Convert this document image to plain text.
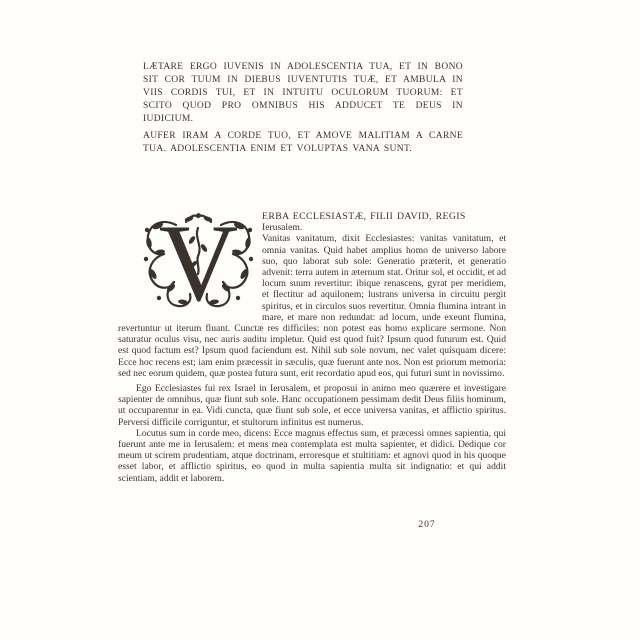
LÆTARE ERGO IUVENIS IN ADOLESCENTIA TUA, ET IN BONO SIT COR TUUM IN DIEBUS IUVENTUTIS TUÆ, ET AMBULA IN VIIS CORDIS TUI, ET IN INTUITU OCULORUM TUORUM: ET SCITO QUOD PRO OMNIBUS HIS ADDUCET TE DEUS IN IUDICIUM.

AUFER IRAM A CORDE TUO, ET AMOVE MALITIAM A CARNE TUA. ADOLESCENTIA ENIM ET VOLUPTAS VANA SUNT.

V	ERBA ECCLESIASTÆ, FILII DAVID, REGIS

Ierusalem.

Vanitas vanitatum, dixit Ecclesiastes: vanitas vanitatum, et omnia vanitas. Quid habet amplius homo de universo labore suo, quo laborat sub sole: Generatio præterit, et generatio advenit: terra autem in æternum stat. Oritur sol, et occidit, et ad locum suum revertitur: ibique renascens, gyrat per meridiem, et flectitur ad aquilonem; lustrans universa in circuitu pergit spiritus, et in circulos suos revertitur. Omnia flumina intrant in mare, et mare non redundat: ad locum, unde exeunt flumina, revertuntur ut iterum fluant. Cunctæ res difficiles: non potest eas homo explicare sermone. Non saturatur oculus visu, nec auris auditu impletur. Quid est quod fuit? Ipsum quod futurum est. Quid est quod factum est? Ipsum quod faciendum est. Nihil sub sole novum, nec valet quisquam dicere: Ecce hoc recens est; iam enim præcessit in sæculis, quæ fuerunt ante nos. Non est priorum memoria: sed nec eorum quidem, quæ postea futura sunt, erit recordatio apud eos, qui futuri sunt in novissimo.

Ego Ecclesiastes fui rex Israel in Ierusalem, et proposui in animo meo quærere et investigare sapienter de omnibus, quæ fiunt sub sole. Hanc occupationem pessimam dedit Deus filiis hominum, ut occuparentur in ea. Vidi cuncta, quæ fiunt sub sole, et ecce universa vanitas, et afflictio spiritus. Perversi difficile corriguntur, et stultorum infinitus est numerus.

Locutus sum in corde meo, dicens: Ecce magnus effectus sum, et præcessi omnes sapientia, qui fuerunt ante me in Ierusalem: et mens mea contemplata est multa sapienter, et didici. Dedique cor meum ut scirem prudentiam, atque doctrinam, erroresque et stultitiam: et agnovi quod in his quoque esset labor, et afflictio spiritus, eo quod in multa sapientia multa sit indignatio: et qui addit scientiam, addit et laborem.

207
